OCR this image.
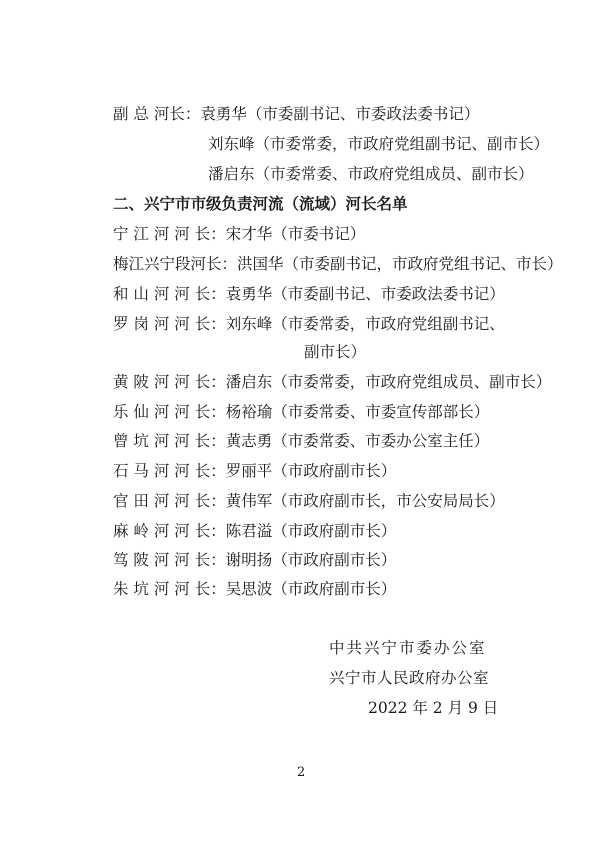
副 总 河长：袁勇华（市委副书记、市委政法委书记）
刘东峰（市委常委，市政府党组副书记、副市长）
潘启东（市委常委、市政府党组成员、副市长）
二、兴宁市市级负责河流（流域）河长名单
宁 江 河 河 长：宋才华（市委书记）
梅江兴宁段河长：洪国华（市委副书记，市政府党组书记、市长）
和 山 河 河 长：袁勇华（市委副书记、市委政法委书记）
罗 岗 河 河 长：刘东峰（市委常委，市政府党组副书记、
副市长）
黄 陂 河 河 长：潘启东（市委常委，市政府党组成员、副市长）
乐 仙 河 河 长：杨裕瑜（市委常委、市委宣传部部长）
曾 坑 河 河 长：黄志勇（市委常委、市委办公室主任）
石 马 河 河 长：罗丽平（市政府副市长）
官 田 河 河 长：黄伟军（市政府副市长，市公安局局长）
麻 岭 河 河 长：陈君溢（市政府副市长）
笃 陂 河 河 长：谢明扬（市政府副市长）
朱 坑 河 河 长：吴思波（市政府副市长）
中共兴宁市委办公室
兴宁市人民政府办公室
2022 年 2 月 9 日
2
